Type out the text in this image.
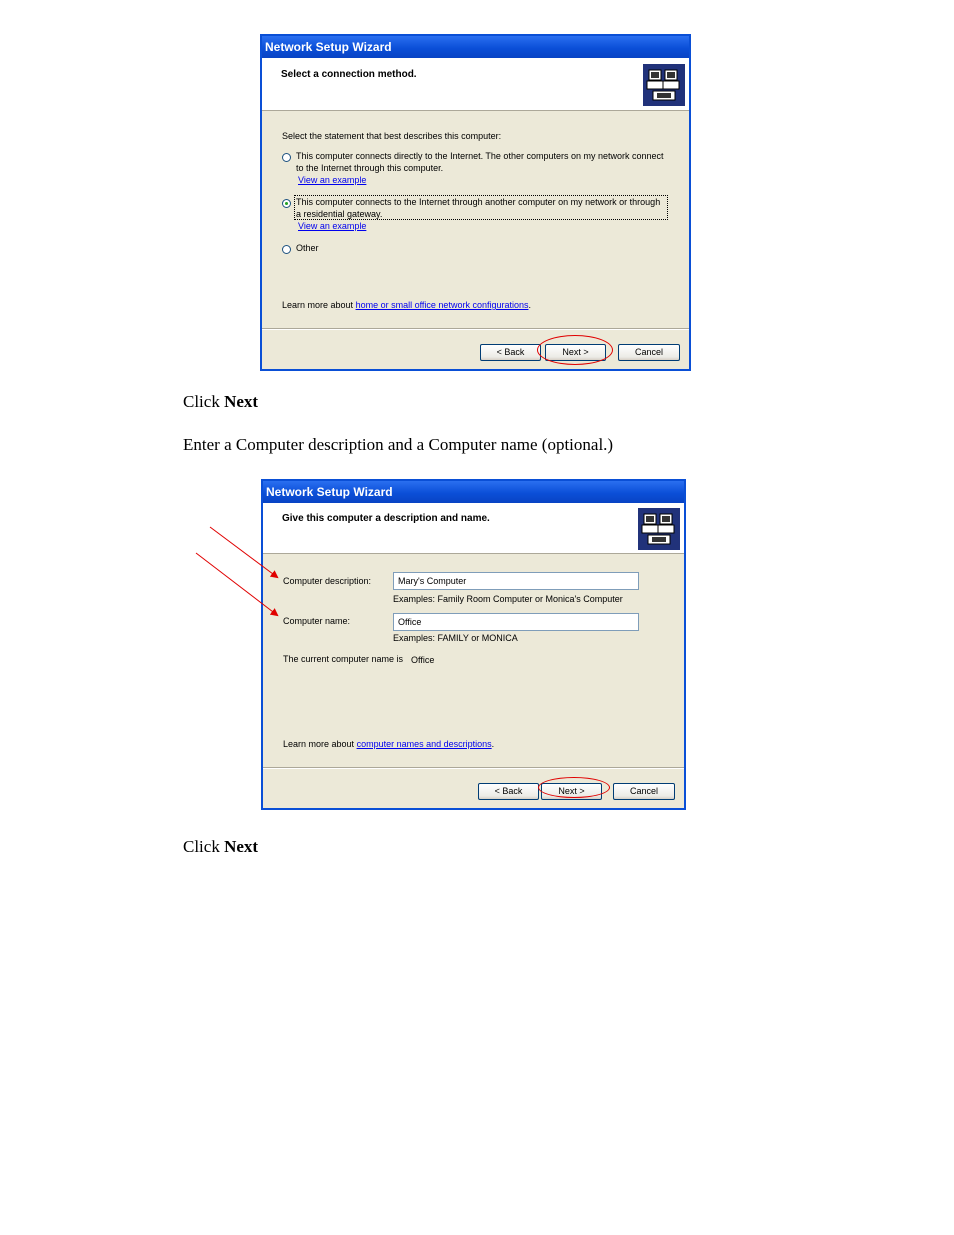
Network Setup Wizard
Select a connection method.
Select the statement that best describes this computer:
This computer connects directly to the Internet. The other computers on my network connect
to the Internet through this computer.
View an example
This computer connects to the Internet through another computer on my network or through
a residential gateway.
View an example
Other
Learn more about home or small office network configurations.
< Back	Next >	Cancel
Click Next
Enter a Computer description and a Computer name (optional.)
Network Setup Wizard
Give this computer a description and name.
Computer description:	Mary's Computer
Examples: Family Room Computer or Monica's Computer
Computer name:	Office
Examples: FAMILY or MONICA
The current computer name is Office
Learn more about computer names and descriptions.
< Back	Next >	Cancel
Click Next
